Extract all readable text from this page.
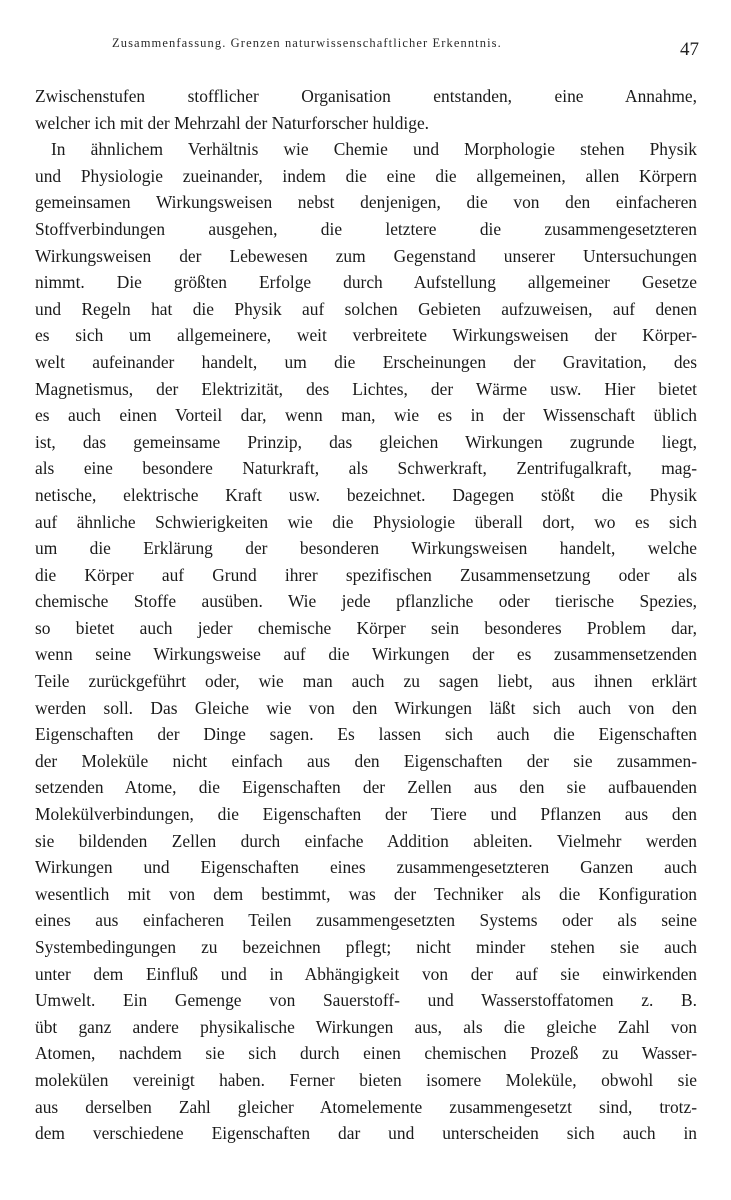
Zusammenfassung. Grenzen naturwissenschaftlicher Erkenntnis.	47
Zwischenstufen stofflicher Organisation entstanden, eine Annahme,
welcher ich mit der Mehrzahl der Naturforscher huldige.
In ähnlichem Verhältnis wie Chemie und Morphologie stehen Physik
und Physiologie zueinander, indem die eine die allgemeinen, allen Körpern
gemeinsamen Wirkungsweisen nebst denjenigen, die von den einfacheren
Stoffverbindungen ausgehen, die letztere die zusammengesetzteren
Wirkungsweisen der Lebewesen zum Gegenstand unserer Untersuchungen
nimmt. Die größten Erfolge durch Aufstellung allgemeiner Gesetze
und Regeln hat die Physik auf solchen Gebieten aufzuweisen, auf denen
es sich um allgemeinere, weit verbreitete Wirkungsweisen der Körper-
welt aufeinander handelt, um die Erscheinungen der Gravitation, des
Magnetismus, der Elektrizität, des Lichtes, der Wärme usw. Hier bietet
es auch einen Vorteil dar, wenn man, wie es in der Wissenschaft üblich
ist, das gemeinsame Prinzip, das gleichen Wirkungen zugrunde liegt,
als eine besondere Naturkraft, als Schwerkraft, Zentrifugalkraft, mag-
netische, elektrische Kraft usw. bezeichnet. Dagegen stößt die Physik
auf ähnliche Schwierigkeiten wie die Physiologie überall dort, wo es sich
um die Erklärung der besonderen Wirkungsweisen handelt, welche
die Körper auf Grund ihrer spezifischen Zusammensetzung oder als
chemische Stoffe ausüben. Wie jede pflanzliche oder tierische Spezies,
so bietet auch jeder chemische Körper sein besonderes Problem dar,
wenn seine Wirkungsweise auf die Wirkungen der es zusammensetzenden
Teile zurückgeführt oder, wie man auch zu sagen liebt, aus ihnen erklärt
werden soll. Das Gleiche wie von den Wirkungen läßt sich auch von den
Eigenschaften der Dinge sagen. Es lassen sich auch die Eigenschaften
der Moleküle nicht einfach aus den Eigenschaften der sie zusammen-
setzenden Atome, die Eigenschaften der Zellen aus den sie aufbauenden
Molekülverbindungen, die Eigenschaften der Tiere und Pflanzen aus den
sie bildenden Zellen durch einfache Addition ableiten. Vielmehr werden
Wirkungen und Eigenschaften eines zusammengesetzteren Ganzen auch
wesentlich mit von dem bestimmt, was der Techniker als die Konfiguration
eines aus einfacheren Teilen zusammengesetzten Systems oder als seine
Systembedingungen zu bezeichnen pflegt; nicht minder stehen sie auch
unter dem Einfluß und in Abhängigkeit von der auf sie einwirkenden
Umwelt. Ein Gemenge von Sauerstoff- und Wasserstoffatomen z. B.
übt ganz andere physikalische Wirkungen aus, als die gleiche Zahl von
Atomen, nachdem sie sich durch einen chemischen Prozeß zu Wasser-
molekülen vereinigt haben. Ferner bieten isomere Moleküle, obwohl sie
aus derselben Zahl gleicher Atomelemente zusammengesetzt sind, trotz-
dem verschiedene Eigenschaften dar und unterscheiden sich auch in
